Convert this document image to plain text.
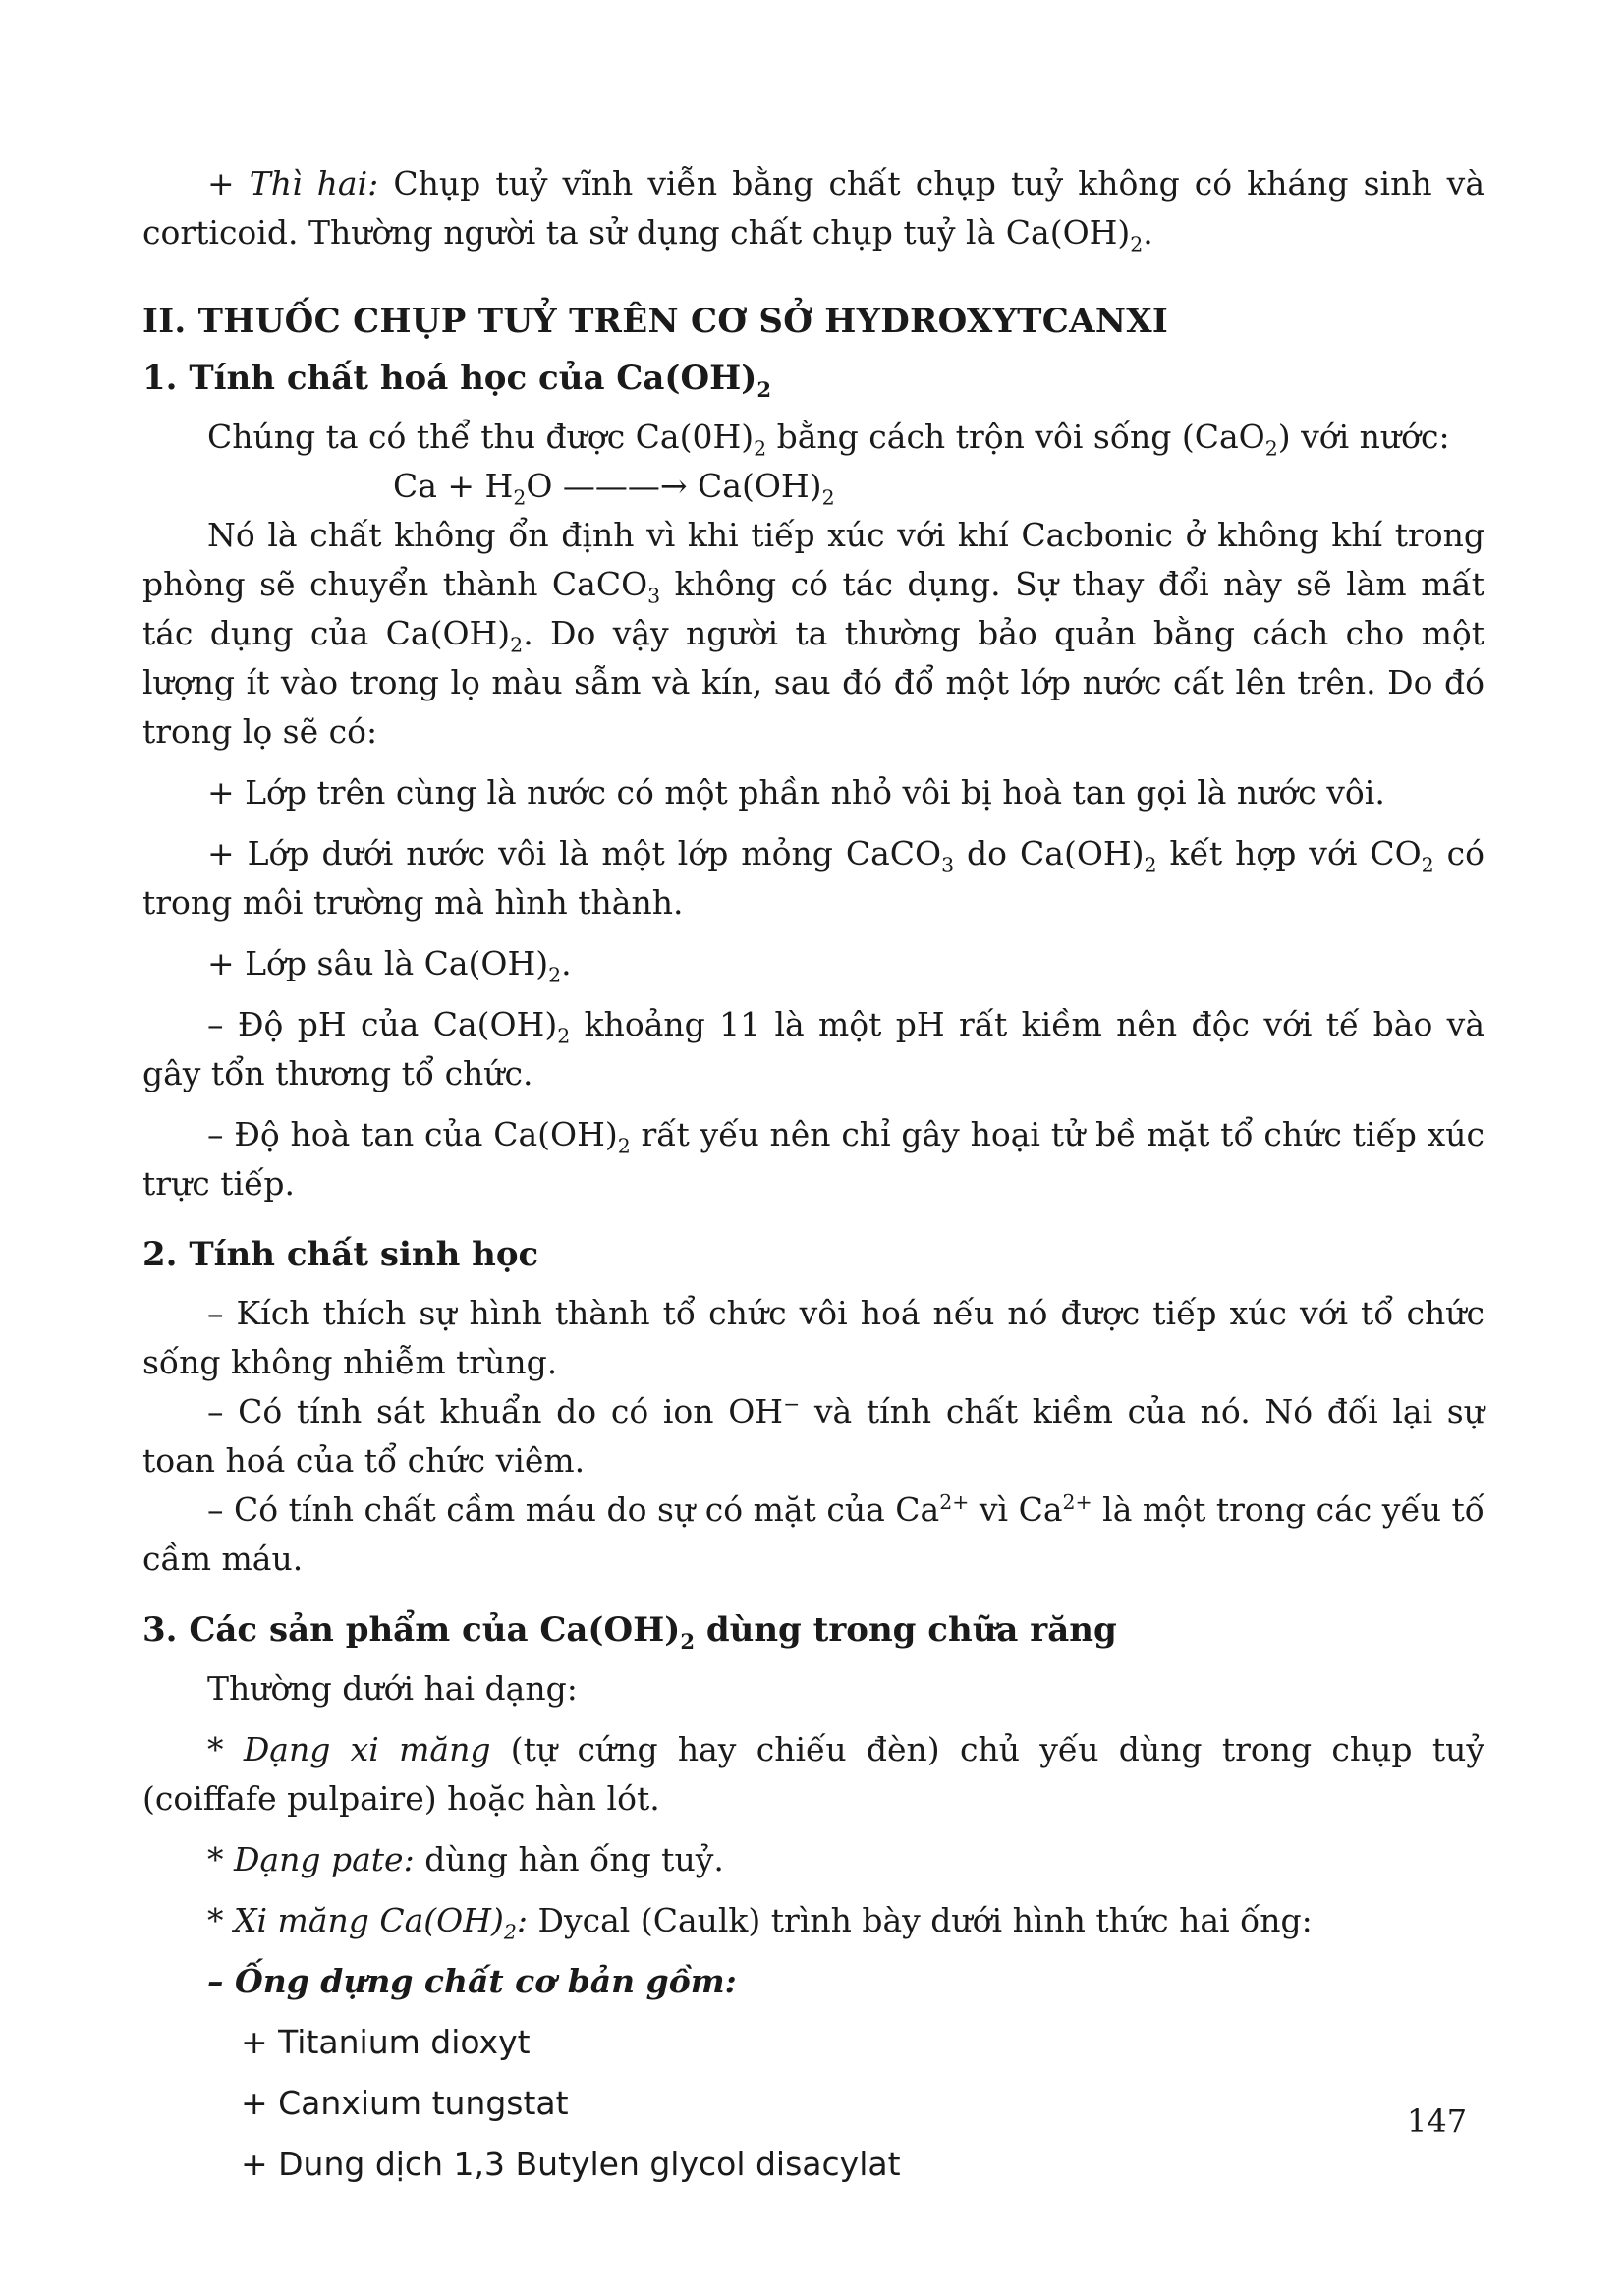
+ Thì hai: Chụp tuỷ vĩnh viễn bằng chất chụp tuỷ không có kháng sinh và corticoid. Thường người ta sử dụng chất chụp tuỷ là $Ca(OH)_2$.

II. THUỐC CHỤP TUỶ TRÊN CƠ SỞ HYDROXYTCANXI
1. Tính chất hoá học của $Ca(OH)_2$

Chúng ta có thể thu được $Ca(0H)_2$ bằng cách trộn vôi sống (CaO$_2$) với nước:

$Ca + H_2O$ ———→ $Ca(OH)_2$

Nó là chất không ổn định vì khi tiếp xúc với khí Cacbonic ở không khí trong phòng sẽ chuyển thành CaCO$_3$ không có tác dụng. Sự thay đổi này sẽ làm mất tác dụng của $Ca(OH)_2$. Do vậy người ta thường bảo quản bằng cách cho một lượng ít vào trong lọ màu sẫm và kín, sau đó đổ một lớp nước cất lên trên. Do đó trong lọ sẽ có:

+ Lớp trên cùng là nước có một phần nhỏ vôi bị hoà tan gọi là nước vôi.

+ Lớp dưới nước vôi là một lớp mỏng CaCO$_3$ do $Ca(OH)_2$ kết hợp với $CO_2$ có trong môi trường mà hình thành.

+ Lớp sâu là $Ca(OH)_2$.

– Độ pH của $Ca(OH)_2$ khoảng 11 là một pH rất kiềm nên độc với tế bào và gây tổn thương tổ chức.

– Độ hoà tan của $Ca(OH)_2$ rất yếu nên chỉ gây hoại tử bề mặt tổ chức tiếp xúc trực tiếp.

2. Tính chất sinh học

– Kích thích sự hình thành tổ chức vôi hoá nếu nó được tiếp xúc với tổ chức sống không nhiễm trùng.

– Có tính sát khuẩn do có ion OH− và tính chất kiềm của nó. Nó đối lại sự toan hoá của tổ chức viêm.

– Có tính chất cầm máu do sự có mặt của $Ca^{2+}$ vì $Ca^{2+}$ là một trong các yếu tố cầm máu.

3. Các sản phẩm của $Ca(OH)_2$ dùng trong chữa răng

Thường dưới hai dạng:

* Dạng xi măng (tự cứng hay chiếu đèn) chủ yếu dùng trong chụp tuỷ (coiffafe pulpaire) hoặc hàn lót.

* Dạng pate: dùng hàn ống tuỷ.

* Xi măng $Ca(OH)_2$: Dycal (Caulk) trình bày dưới hình thức hai ống:

– Ống dựng chất cơ bản gồm:

+ Titanium dioxyt

+ Canxium tungstat

+ Dung dịch 1,3 Butylen glycol disacylat

147
